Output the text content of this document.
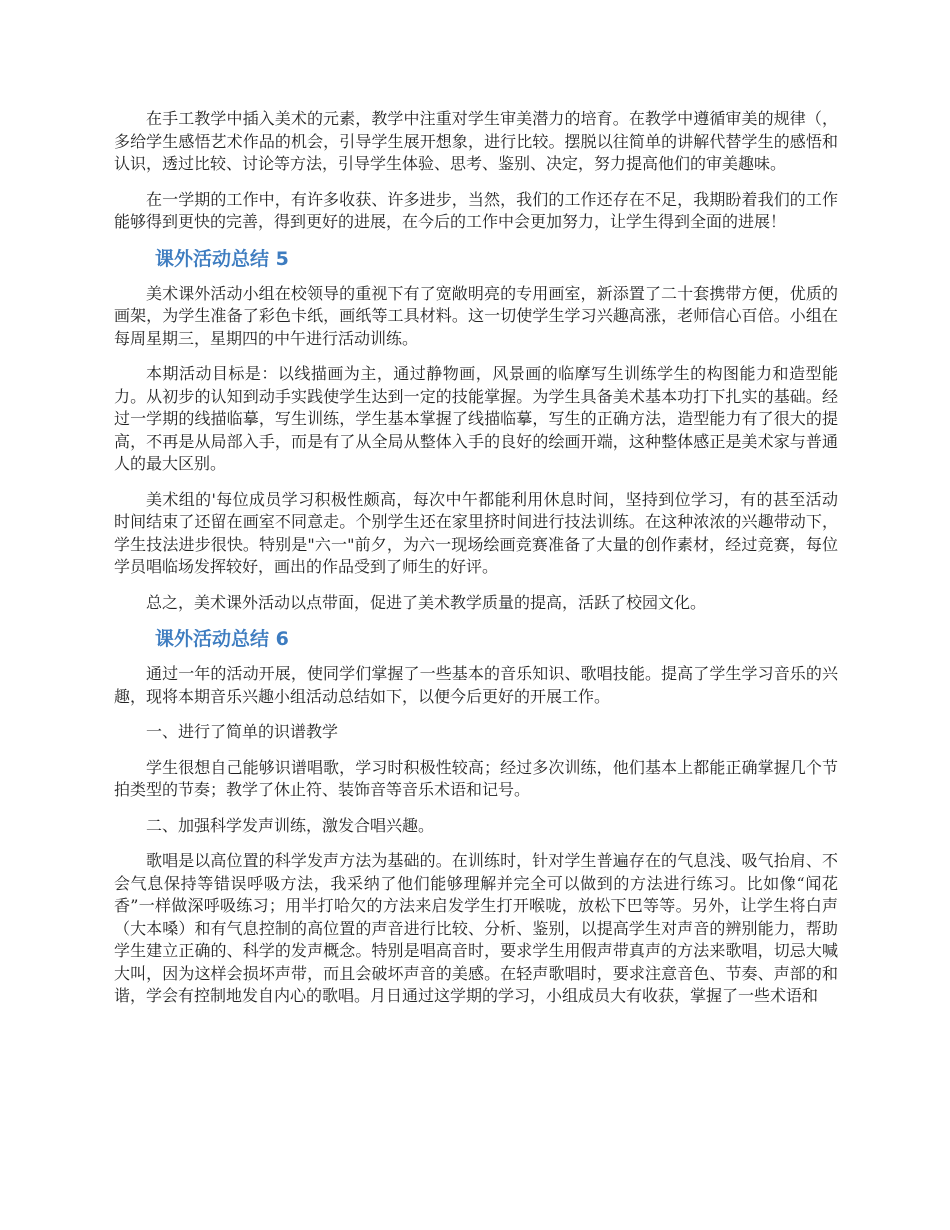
在手工教学中插入美术的元素，教学中注重对学生审美潜力的培育。在教学中遵循审美的规律（，多给学生感悟艺术作品的机会，引导学生展开想象，进行比较。摆脱以往简单的讲解代替学生的感悟和认识，透过比较、讨论等方法，引导学生体验、思考、鉴别、决定，努力提高他们的审美趣味。

在一学期的工作中，有许多收获、许多进步，当然，我们的工作还存在不足，我期盼着我们的工作能够得到更快的完善，得到更好的进展，在今后的工作中会更加努力，让学生得到全面的进展！

课外活动总结 5

美术课外活动小组在校领导的重视下有了宽敞明亮的专用画室，新添置了二十套携带方便，优质的画架，为学生准备了彩色卡纸，画纸等工具材料。这一切使学生学习兴趣高涨，老师信心百倍。小组在每周星期三，星期四的中午进行活动训练。

本期活动目标是：以线描画为主，通过静物画，风景画的临摩写生训练学生的构图能力和造型能力。从初步的认知到动手实践使学生达到一定的技能掌握。为学生具备美术基本功打下扎实的基础。经过一学期的线描临摹，写生训练，学生基本掌握了线描临摹，写生的正确方法，造型能力有了很大的提高，不再是从局部入手，而是有了从全局从整体入手的良好的绘画开端，这种整体感正是美术家与普通人的最大区别。

美术组的'每位成员学习积极性颇高，每次中午都能利用休息时间，坚持到位学习，有的甚至活动时间结束了还留在画室不同意走。个别学生还在家里挤时间进行技法训练。在这种浓浓的兴趣带动下，学生技法进步很快。特别是"六一"前夕，为六一现场绘画竞赛准备了大量的创作素材，经过竞赛，每位学员唱临场发挥较好，画出的作品受到了师生的好评。

总之，美术课外活动以点带面，促进了美术教学质量的提高，活跃了校园文化。

课外活动总结 6

通过一年的活动开展，使同学们掌握了一些基本的音乐知识、歌唱技能。提高了学生学习音乐的兴趣，现将本期音乐兴趣小组活动总结如下，以便今后更好的开展工作。

一、进行了简单的识谱教学

学生很想自己能够识谱唱歌，学习时积极性较高；经过多次训练，他们基本上都能正确掌握几个节拍类型的节奏；教学了休止符、装饰音等音乐术语和记号。

二、加强科学发声训练，激发合唱兴趣。

歌唱是以高位置的科学发声方法为基础的。在训练时，针对学生普遍存在的气息浅、吸气抬肩、不会气息保持等错误呼吸方法，我采纳了他们能够理解并完全可以做到的方法进行练习。比如像“闻花香”一样做深呼吸练习；用半打哈欠的方法来启发学生打开喉咙，放松下巴等等。另外，让学生将白声（大本嗓）和有气息控制的高位置的声音进行比较、分析、鉴别，以提高学生对声音的辨别能力，帮助学生建立正确的、科学的发声概念。特别是唱高音时，要求学生用假声带真声的方法来歌唱，切忌大喊大叫，因为这样会损坏声带，而且会破坏声音的美感。在轻声歌唱时，要求注意音色、节奏、声部的和谐，学会有控制地发自内心的歌唱。月日通过这学期的学习，小组成员大有收获，掌握了一些术语和
